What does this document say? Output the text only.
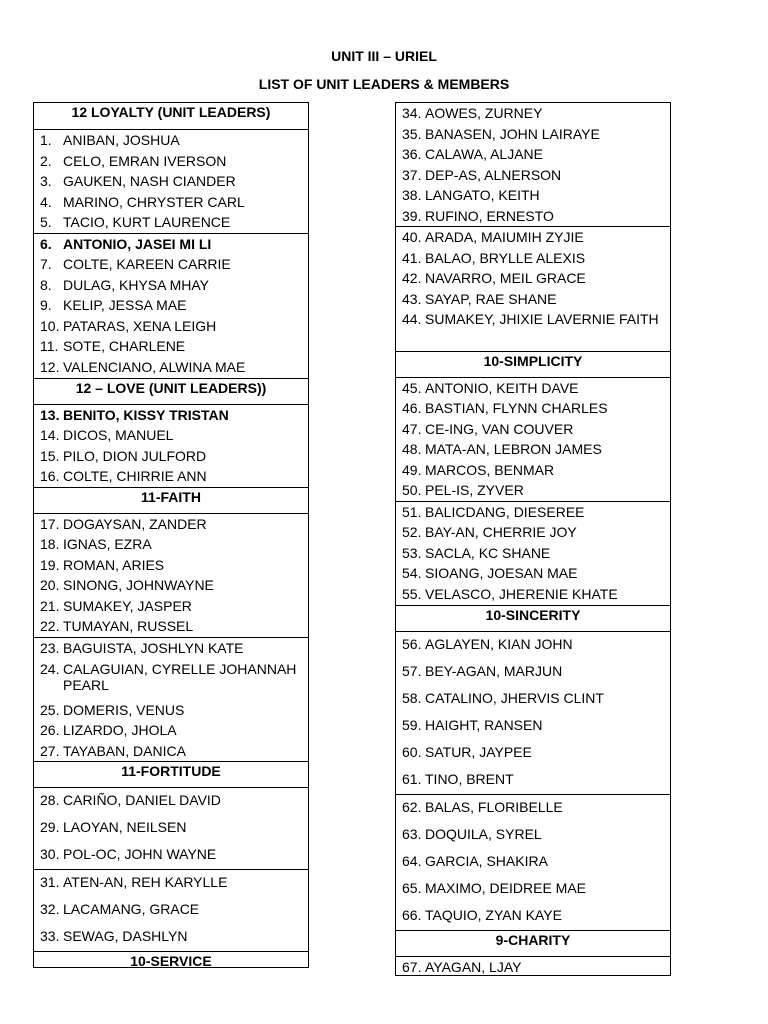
UNIT III – URIEL
LIST OF UNIT LEADERS & MEMBERS
12 LOYALTY (UNIT LEADERS)
1. ANIBAN, JOSHUA
2. CELO, EMRAN IVERSON
3. GAUKEN, NASH CIANDER
4. MARINO, CHRYSTER CARL
5. TACIO, KURT LAURENCE
6. ANTONIO, JASEI MI LI
7. COLTE, KAREEN CARRIE
8. DULAG, KHYSA MHAY
9. KELIP, JESSA MAE
10. PATARAS, XENA LEIGH
11. SOTE, CHARLENE
12. VALENCIANO, ALWINA MAE
12 – LOVE (UNIT LEADERS))
13. BENITO, KISSY TRISTAN
14. DICOS, MANUEL
15. PILO, DION JULFORD
16. COLTE, CHIRRIE ANN
11-FAITH
17. DOGAYSAN, ZANDER
18. IGNAS, EZRA
19. ROMAN, ARIES
20. SINONG, JOHNWAYNE
21. SUMAKEY, JASPER
22. TUMAYAN, RUSSEL
23. BAGUISTA, JOSHLYN KATE
24. CALAGUIAN, CYRELLE JOHANNAH PEARL
25. DOMERIS, VENUS
26. LIZARDO, JHOLA
27. TAYABAN, DANICA
11-FORTITUDE
28. CARIÑO, DANIEL DAVID
29. LAOYAN, NEILSEN
30. POL-OC, JOHN WAYNE
31. ATEN-AN, REH KARYLLE
32. LACAMANG, GRACE
33. SEWAG, DASHLYN
10-SERVICE
34. AOWES, ZURNEY
35. BANASEN, JOHN LAIRAYE
36. CALAWA, ALJANE
37. DEP-AS, ALNERSON
38. LANGATO, KEITH
39. RUFINO, ERNESTO
40. ARADA, MAIUMIH ZYJIE
41. BALAO, BRYLLE ALEXIS
42. NAVARRO, MEIL GRACE
43. SAYAP, RAE SHANE
44. SUMAKEY, JHIXIE LAVERNIE FAITH
10-SIMPLICITY
45. ANTONIO, KEITH DAVE
46. BASTIAN, FLYNN CHARLES
47. CE-ING, VAN COUVER
48. MATA-AN, LEBRON JAMES
49. MARCOS, BENMAR
50. PEL-IS, ZYVER
51. BALICDANG, DIESEREE
52. BAY-AN, CHERRIE JOY
53. SACLA, KC SHANE
54. SIOANG, JOESAN MAE
55. VELASCO, JHERENIE KHATE
10-SINCERITY
56. AGLAYEN, KIAN JOHN
57. BEY-AGAN, MARJUN
58. CATALINO, JHERVIS CLINT
59. HAIGHT, RANSEN
60. SATUR, JAYPEE
61. TINO, BRENT
62. BALAS, FLORIBELLE
63. DOQUILA, SYREL
64. GARCIA, SHAKIRA
65. MAXIMO, DEIDREE MAE
66. TAQUIO, ZYAN KAYE
9-CHARITY
67. AYAGAN, LJAY
